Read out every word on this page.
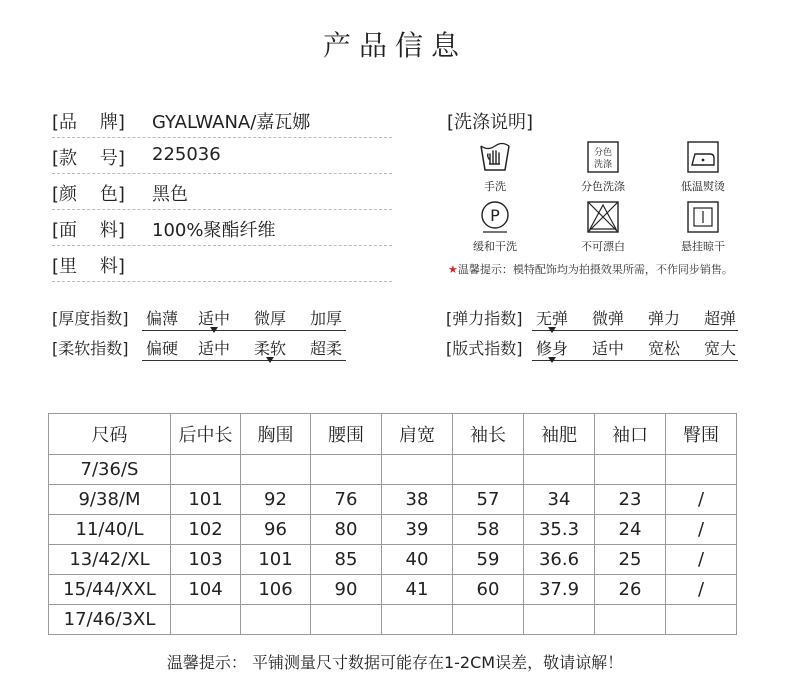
产品信息
[品    牌] GYALWANA/嘉瓦娜
[款    号] 225036
[颜    色] 黑色
[面    料] 100%聚酯纤维
[里    料]
[洗涤说明]
手洗
分色
洗涤
分色洗涤	低温熨烫
P
缓和干洗	不可漂白	悬挂晾干
★温馨提示：模特配饰均为拍摄效果所需，不作同步销售。
[厚度指数]	偏薄	适中	微厚	加厚
[柔软指数]	偏硬	适中	柔软	超柔
[弹力指数] 无弹	微弹	弹力	超弹
[版式指数] 修身	适中	宽松	宽大
尺码	后中长	胸围	腰围	肩宽	袖长	袖肥	袖口	臀围
7/36/S								
9/38/M	101	92	76	38	57	34	23	/
11/40/L	102	96	80	39	58	35.3	24	/
13/42/XL	103	101	85	40	59	36.6	25	/
15/44/XXL	104	106	90	41	60	37.9	26	/
17/46/3XL								
温馨提示： 平铺测量尺寸数据可能存在1-2CM误差，敬请谅解！
